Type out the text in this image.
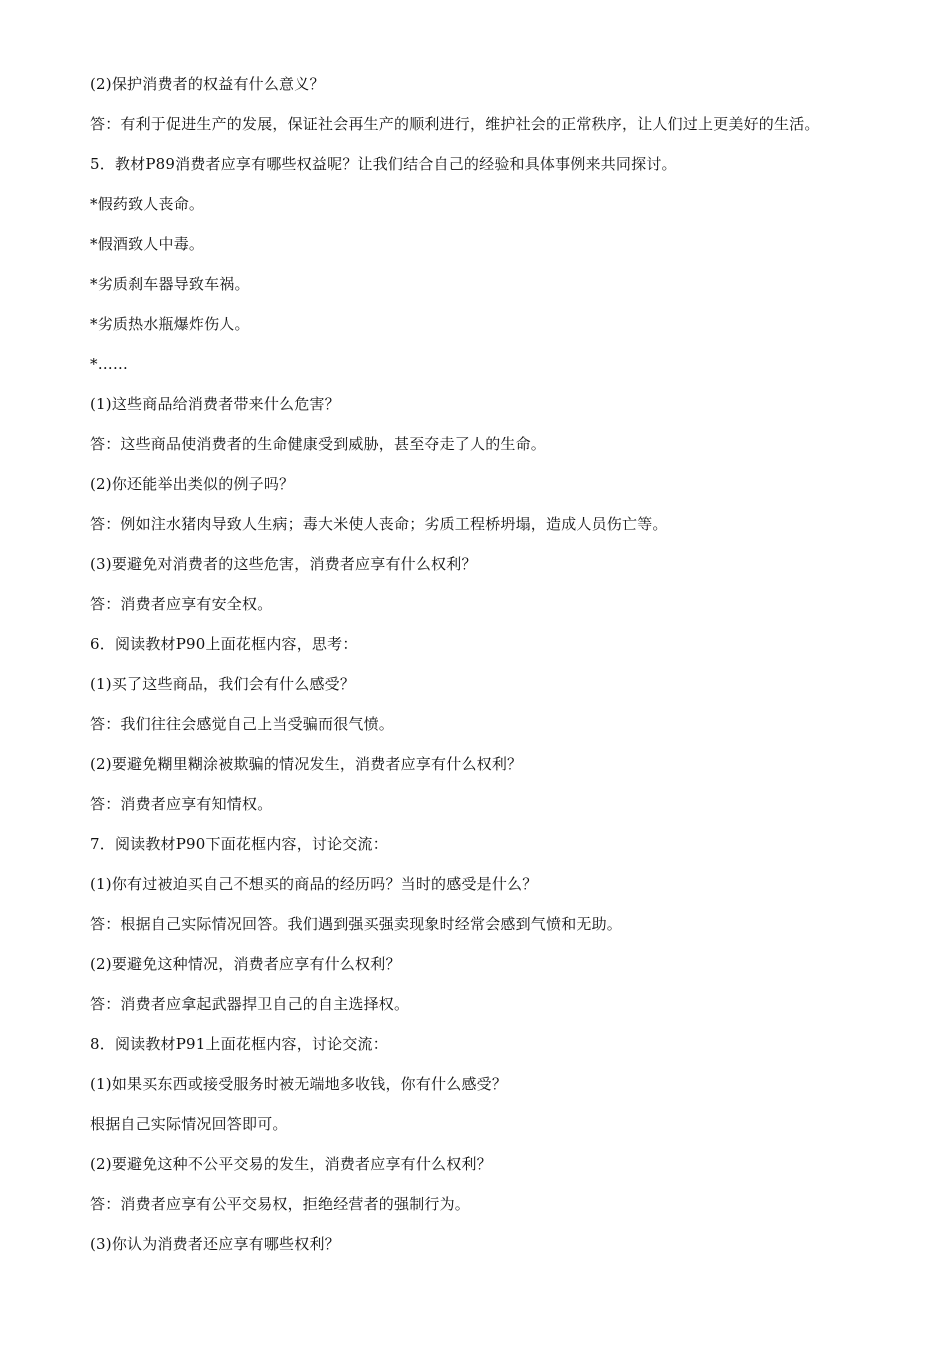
(2)保护消费者的权益有什么意义？
答：有利于促进生产的发展，保证社会再生产的顺利进行，维护社会的正常秩序，让人们过上更美好的生活。
5．教材P89消费者应享有哪些权益呢？让我们结合自己的经验和具体事例来共同探讨。
*假药致人丧命。
*假酒致人中毒。
*劣质刹车器导致车祸。
*劣质热水瓶爆炸伤人。
*……
(1)这些商品给消费者带来什么危害？
答：这些商品使消费者的生命健康受到威胁，甚至夺走了人的生命。
(2)你还能举出类似的例子吗？
答：例如注水猪肉导致人生病；毒大米使人丧命；劣质工程桥坍塌，造成人员伤亡等。
(3)要避免对消费者的这些危害，消费者应享有什么权利？
答：消费者应享有安全权。
6．阅读教材P90上面花框内容，思考：
(1)买了这些商品，我们会有什么感受？
答：我们往往会感觉自己上当受骗而很气愤。
(2)要避免糊里糊涂被欺骗的情况发生，消费者应享有什么权利？
答：消费者应享有知情权。
7．阅读教材P90下面花框内容，讨论交流：
(1)你有过被迫买自己不想买的商品的经历吗？当时的感受是什么？
答：根据自己实际情况回答。我们遇到强买强卖现象时经常会感到气愤和无助。
(2)要避免这种情况，消费者应享有什么权利？
答：消费者应拿起武器捍卫自己的自主选择权。
8．阅读教材P91上面花框内容，讨论交流：
(1)如果买东西或接受服务时被无端地多收钱，你有什么感受？
根据自己实际情况回答即可。
(2)要避免这种不公平交易的发生，消费者应享有什么权利？
答：消费者应享有公平交易权，拒绝经营者的强制行为。
(3)你认为消费者还应享有哪些权利？
